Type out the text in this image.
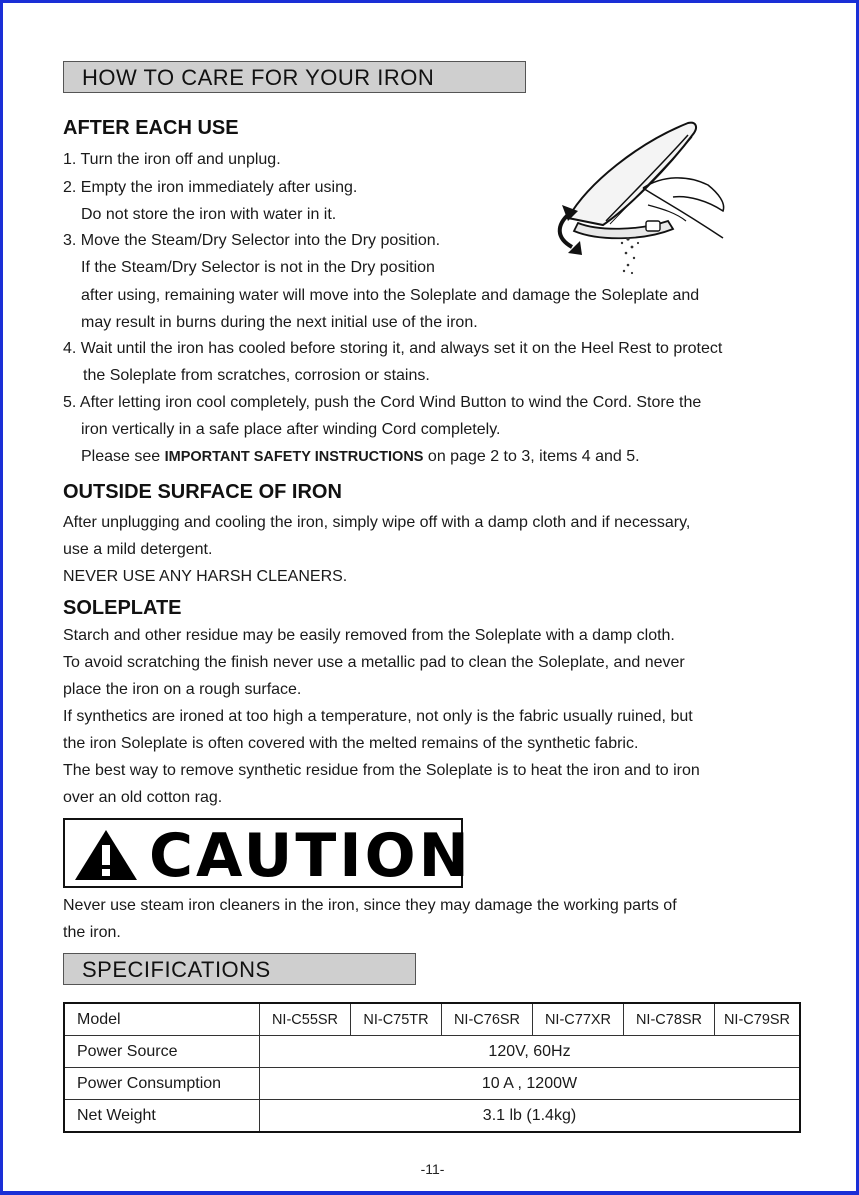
HOW TO CARE FOR YOUR IRON
AFTER EACH USE
1. Turn the iron off and unplug.
2. Empty the iron immediately after using.
Do not store the iron with water in it.
3. Move the Steam/Dry Selector into the Dry position.
If the Steam/Dry Selector is not in the Dry position
after using, remaining water will move into the Soleplate and damage the Soleplate and
may result in burns during the next initial use of the iron.
4. Wait until the iron has cooled before storing it, and always set it on the Heel Rest to protect
the Soleplate from scratches, corrosion or stains.
5. After letting iron cool completely, push the Cord Wind Button to wind the Cord. Store the
iron vertically in a safe place after winding Cord completely.
Please see IMPORTANT SAFETY INSTRUCTIONS on page 2 to 3, items 4 and 5.
OUTSIDE SURFACE OF IRON
After unplugging and cooling the iron, simply wipe off with a damp cloth and if necessary,
use a mild detergent.
NEVER USE ANY HARSH CLEANERS.
SOLEPLATE
Starch and other residue may be easily removed from the Soleplate with a damp cloth.
To avoid scratching the finish never use a metallic pad to clean the Soleplate, and never
place the iron on a rough surface.
If synthetics are ironed at too high a temperature, not only is the fabric usually ruined, but
the iron Soleplate is often covered with the melted remains of the synthetic fabric.
The best way to remove synthetic residue from the Soleplate is to heat the iron and to iron
over an old cotton rag.
CAUTION
Never use steam iron cleaners in the iron, since they may damage the working parts of
the iron.
SPECIFICATIONS
Model	NI-C55SR	NI-C75TR	NI-C76SR	NI-C77XR	NI-C78SR	NI-C79SR
Power Source	120V, 60Hz					
Power Consumption	10 A , 1200W					
Net Weight	3.1 lb (1.4kg)					
-11-
